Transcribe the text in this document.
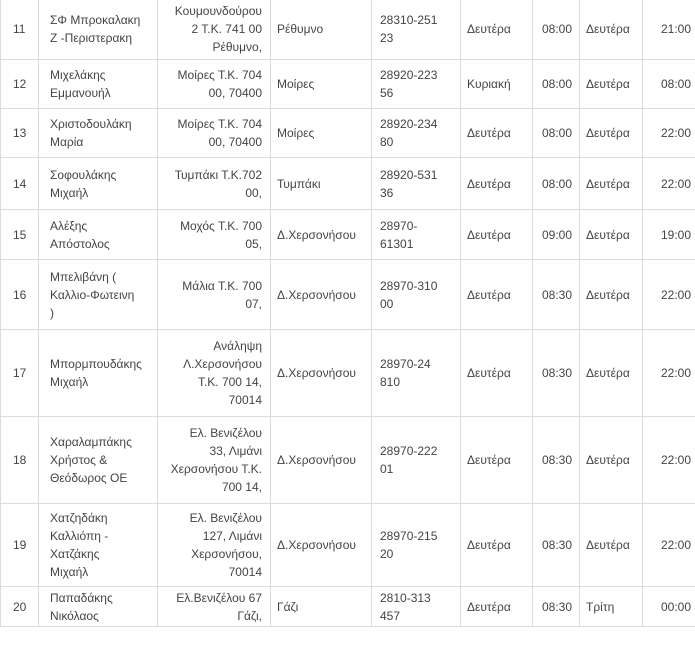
11	ΣΦ Μπροκαλακη
Ζ -Περιστερακη	Κουμουνδούρου
2 Τ.Κ. 741 00
Ρέθυμνο,	Ρέθυμνο	28310-251
23	Δευτέρα	08:00	Δευτέρα	21:00
12	Μιχελάκης
Εμμανουήλ	Μοίρες Τ.Κ. 704
00, 70400	Μοίρες	28920-223
56	Κυριακή	08:00	Δευτέρα	08:00
13	Χριστοδουλάκη
Μαρία	Μοίρες Τ.Κ. 704
00, 70400	Μοίρες	28920-234
80	Δευτέρα	08:00	Δευτέρα	22:00
14	Σοφουλάκης
Μιχαήλ	Τυμπάκι Τ.Κ.702
00,	Τυμπάκι	28920-531
36	Δευτέρα	08:00	Δευτέρα	22:00
15	Αλέξης
Απόστολος	Μοχός Τ.Κ. 700
05,	Δ.Χερσονήσου	28970-
61301	Δευτέρα	09:00	Δευτέρα	19:00
16	Μπελιβάνη (
Καλλιο-Φωτεινη
)	Μάλια Τ.Κ. 700
07,	Δ.Χερσονήσου	28970-310
00	Δευτέρα	08:30	Δευτέρα	22:00
17	Μπορμπουδάκης
Μιχαήλ	Ανάληψη
Λ.Χερσονήσου
Τ.Κ. 700 14,
70014	Δ.Χερσονήσου	28970-24
810	Δευτέρα	08:30	Δευτέρα	22:00
18	Χαραλαμπάκης
Χρήστος &
Θεόδωρος ΟΕ	Ελ. Βενιζέλου
33, Λιμάνι
Χερσονήσου Τ.Κ.
700 14,	Δ.Χερσονήσου	28970-222
01	Δευτέρα	08:30	Δευτέρα	22:00
19	Χατζηδάκη
Καλλιόπη -
Χατζάκης
Μιχαήλ	Ελ. Βενιζέλου
127, Λιμάνι
Χερσονήσου,
70014	Δ.Χερσονήσου	28970-215
20	Δευτέρα	08:30	Δευτέρα	22:00
20	Παπαδάκης
Νικόλαος	Ελ.Βενιζέλου 67
Γάζι,	Γάζι	2810-313
457	Δευτέρα	08:30	Τρίτη	00:00
